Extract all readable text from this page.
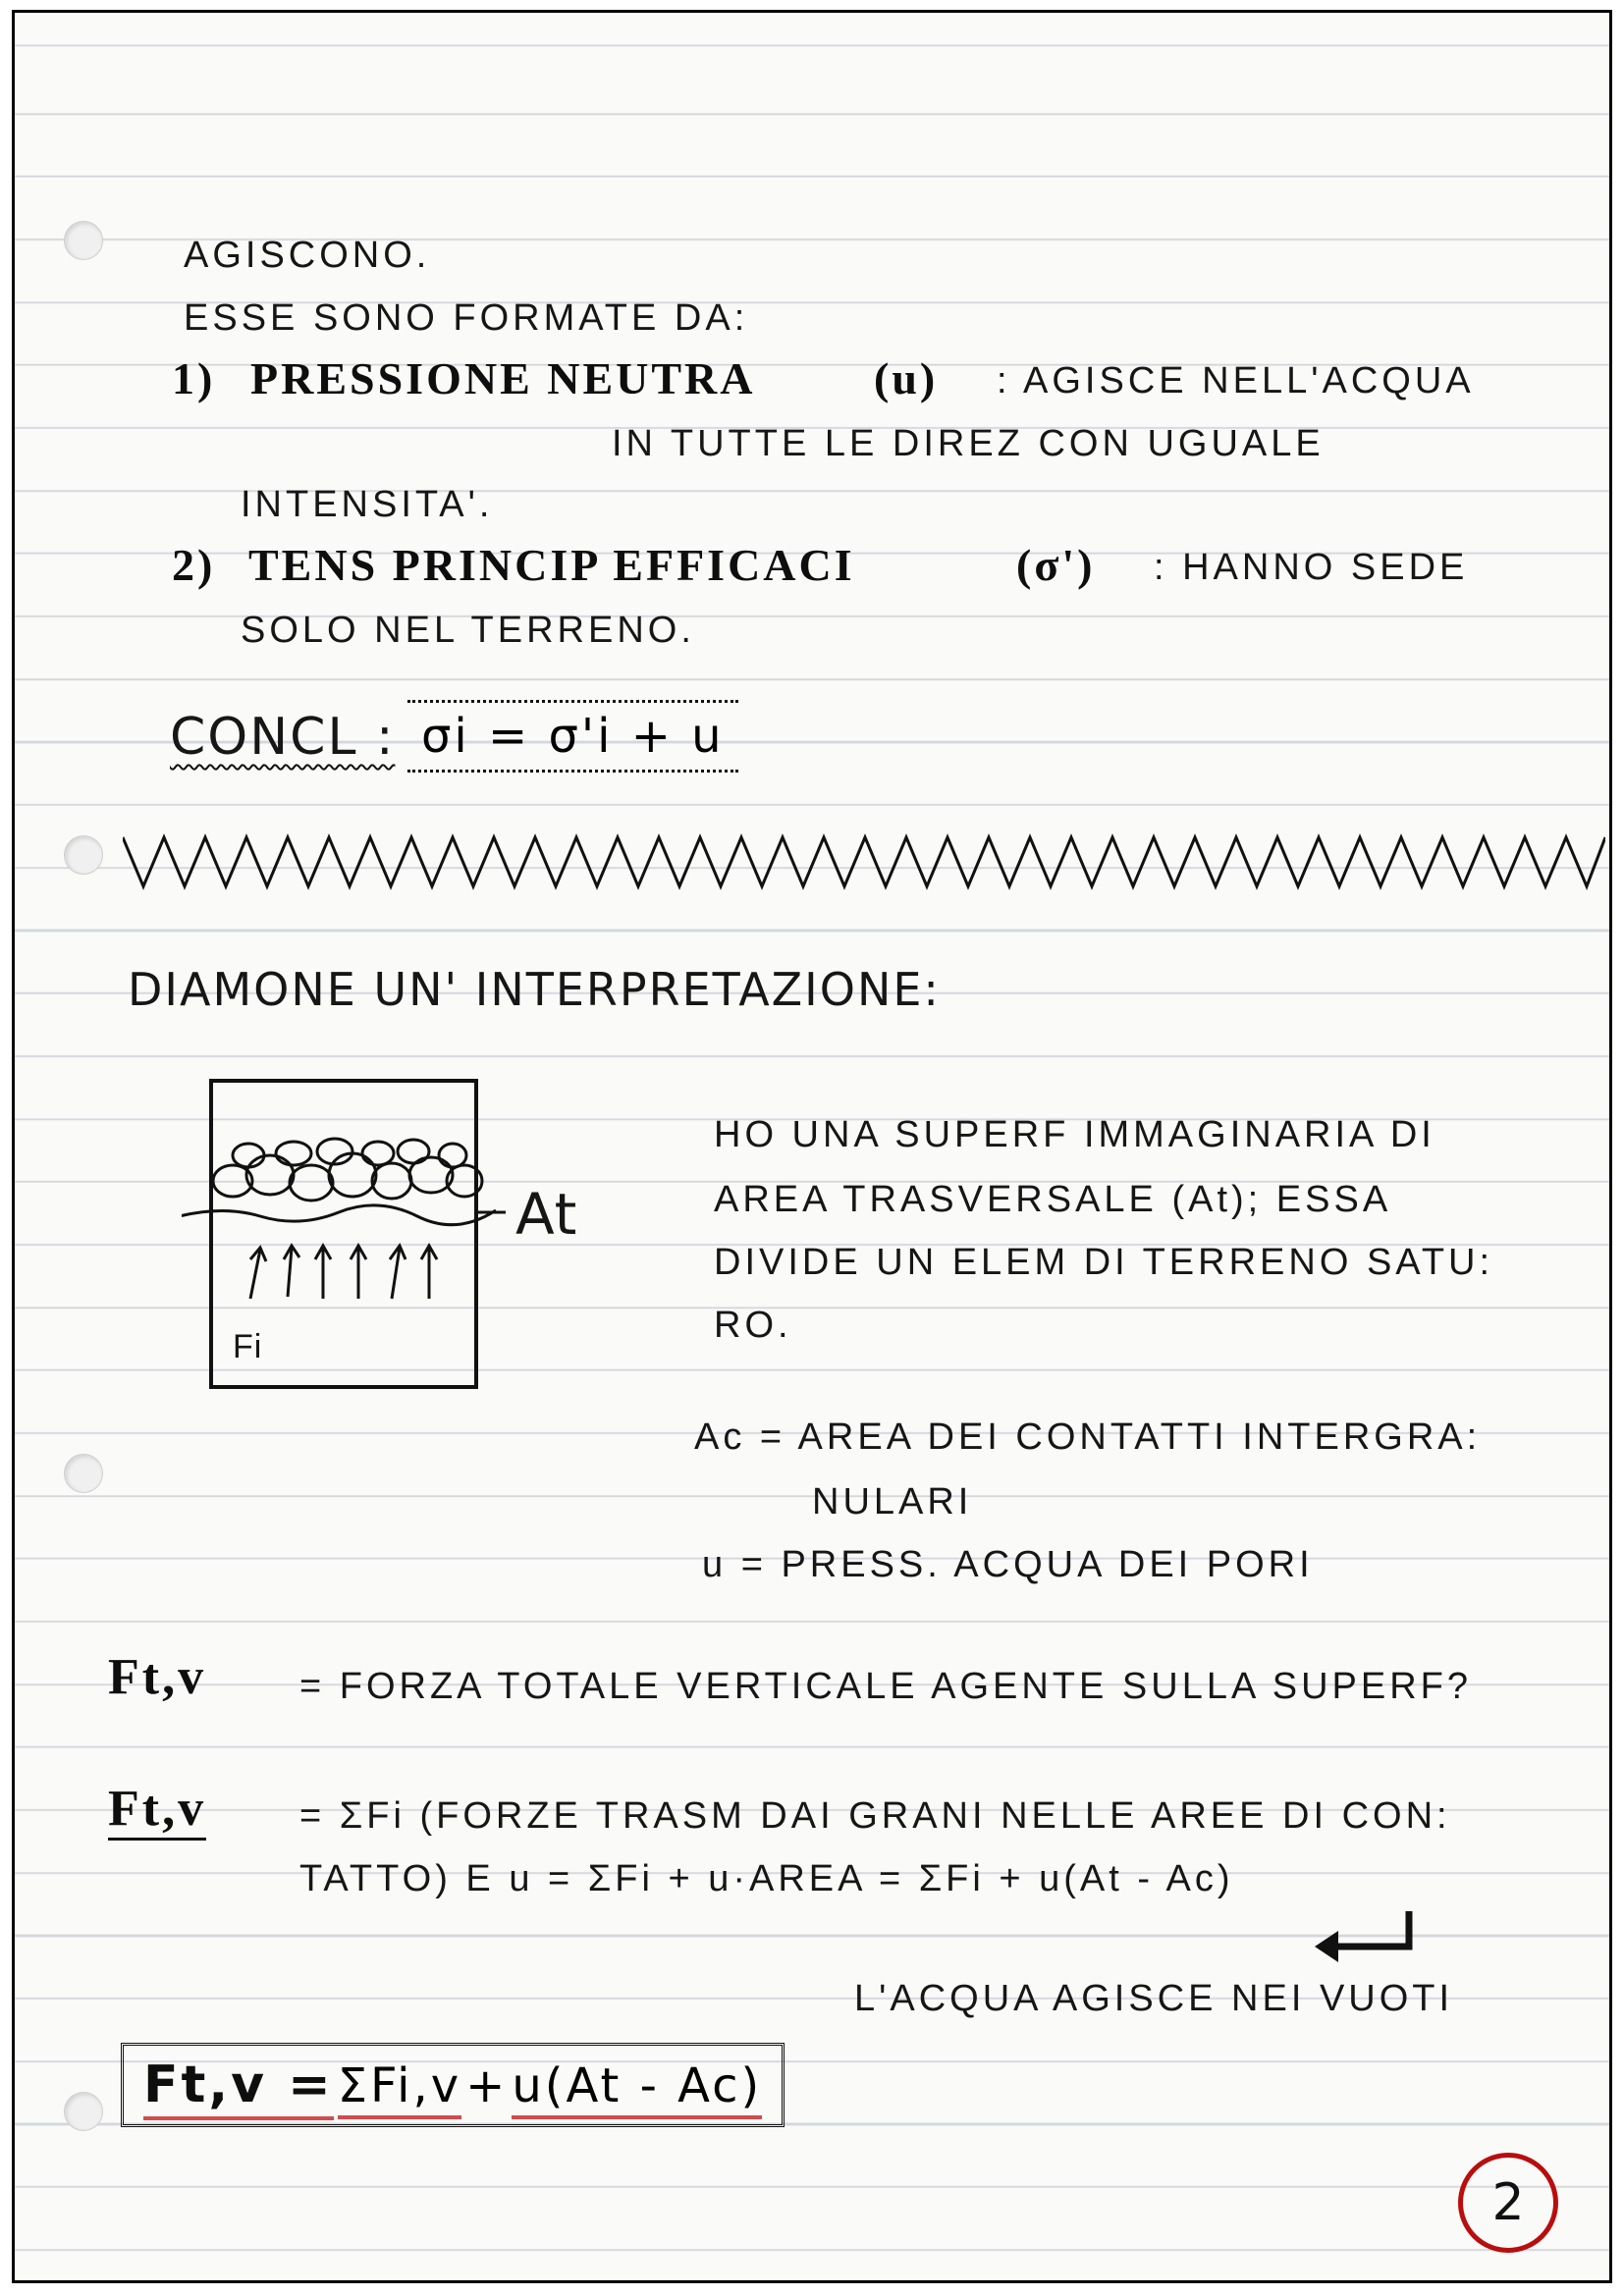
AGISCONO.
ESSE SONO FORMATE DA:
1) PRESSIONE NEUTRA	(u) : AGISCE NELL'ACQUA
IN TUTTE LE DIREZ CON UGUALE
INTENSITA'.
2) TENS PRINCIP EFFICACI	(σ') : HANNO SEDE
SOLO NEL TERRENO.
CONCL : σi = σ'i + u
DIAMONE UN' INTERPRETAZIONE:
At
Fi
HO UNA SUPERF IMMAGINARIA DI
AREA TRASVERSALE (At); ESSA
DIVIDE UN ELEM DI TERRENO SATU:
RO.
Ac = AREA DEI CONTATTI INTERGRA:
NULARI
u = PRESS. ACQUA DEI PORI
Ft,v = FORZA TOTALE VERTICALE AGENTE SULLA SUPERF?
Ft,v = ΣFi (FORZE TRASM DAI GRANI NELLE AREE DI CON:
TATTO) E u = ΣFi + u·AREA = ΣFi + u(At - Ac)
L'ACQUA AGISCE NEI VUOTI
Ft,v = ΣFi,v + u(At - Ac)
2
